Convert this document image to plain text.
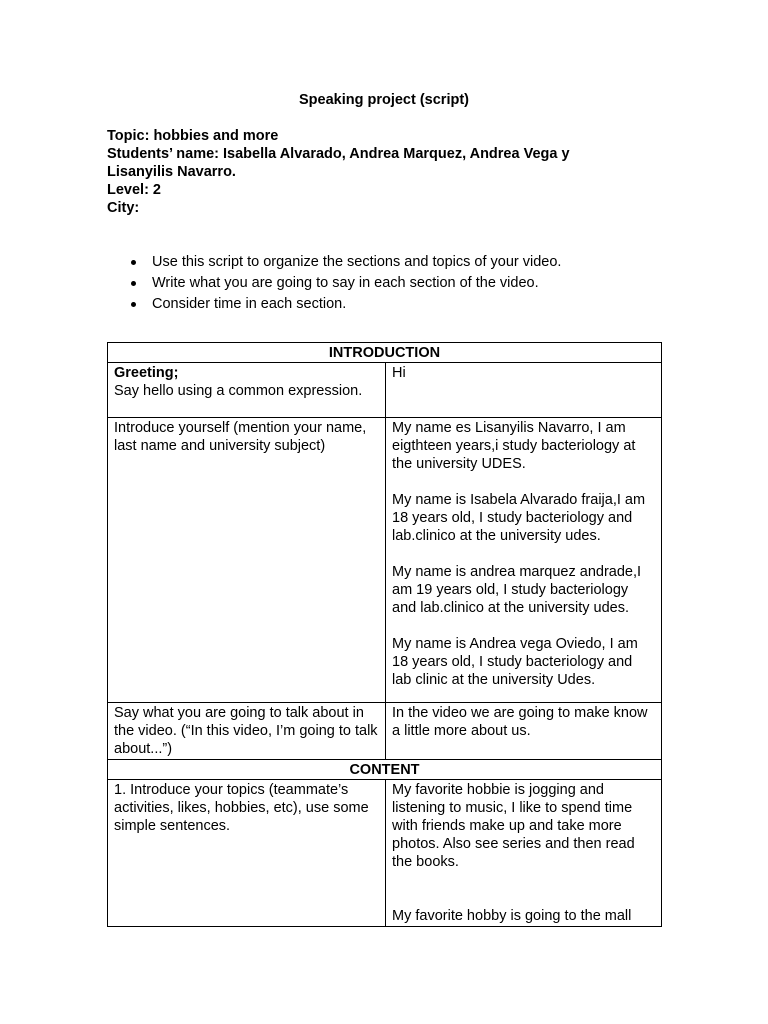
Speaking project (script)
Topic: hobbies and more
Students’ name: Isabella Alvarado, Andrea Marquez, Andrea Vega y
Lisanyilis Navarro.
Level: 2
City:
Use this script to organize the sections and topics of your video.
Write what you are going to say in each section of the video.
Consider time in each section.
INTRODUCTION	

Greeting;
Say hello using a common expression.	Hi
Introduce yourself (mention your name, last name and university subject)	My name es Lisanyilis Navarro, I am eigthteen years,i study bacteriology at the university UDES.

My name is Isabela Alvarado fraija,I am 18 years old, I study bacteriology and lab.clinico at the university udes.

My name is andrea marquez andrade,I am 19 years old, I study bacteriology and lab.clinico at the university udes.

My name is Andrea vega Oviedo, I am 18 years old, I study bacteriology and lab clinic at the university Udes.

Say what you are going to talk about in the video. (“In this video, I’m going to talk about...”)	In the video we are going to make know a little more about us.
CONTENT	
1. Introduce your topics (teammate’s activities, likes, hobbies, etc), use some simple sentences.	My favorite hobbie is jogging and listening to music, I like to spend time with friends make up and take more photos. Also see series and then read the books.

My favorite hobby is going to the mall
